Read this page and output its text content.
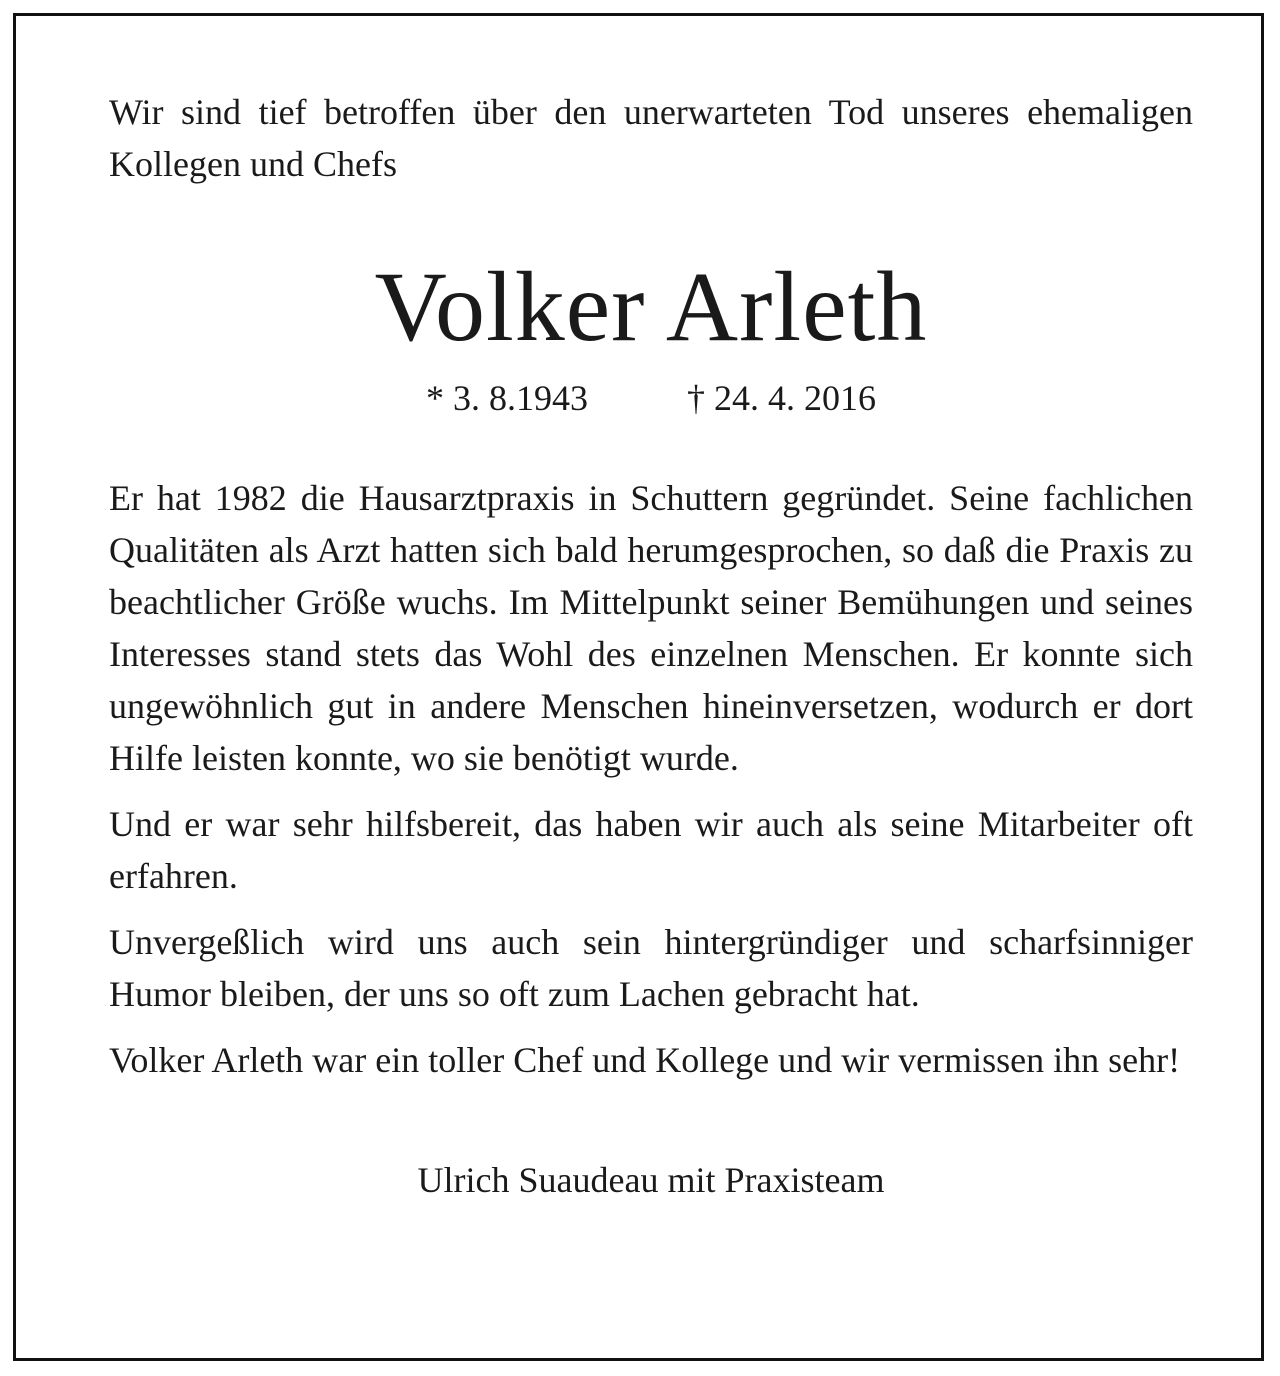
Wir sind tief betroffen über den unerwarteten Tod unseres ehemaligen Kollegen und Chefs

Volker Arleth
* 3. 8.1943	† 24. 4. 2016

Er hat 1982 die Hausarztpraxis in Schuttern gegründet. Seine fachlichen Qualitäten als Arzt hatten sich bald herumgesprochen, so daß die Praxis zu beachtlicher Größe wuchs. Im Mittelpunkt seiner Bemühungen und seines Interesses stand stets das Wohl des einzelnen Menschen. Er konnte sich ungewöhnlich gut in andere Menschen hineinversetzen, wodurch er dort Hilfe leisten konnte, wo sie benötigt wurde.

Und er war sehr hilfsbereit, das haben wir auch als seine Mitarbeiter oft erfahren.

Unvergeßlich wird uns auch sein hintergründiger und scharfsinniger Humor bleiben, der uns so oft zum Lachen gebracht hat.

Volker Arleth war ein toller Chef und Kollege und wir vermissen ihn sehr!

Ulrich Suaudeau mit Praxisteam
